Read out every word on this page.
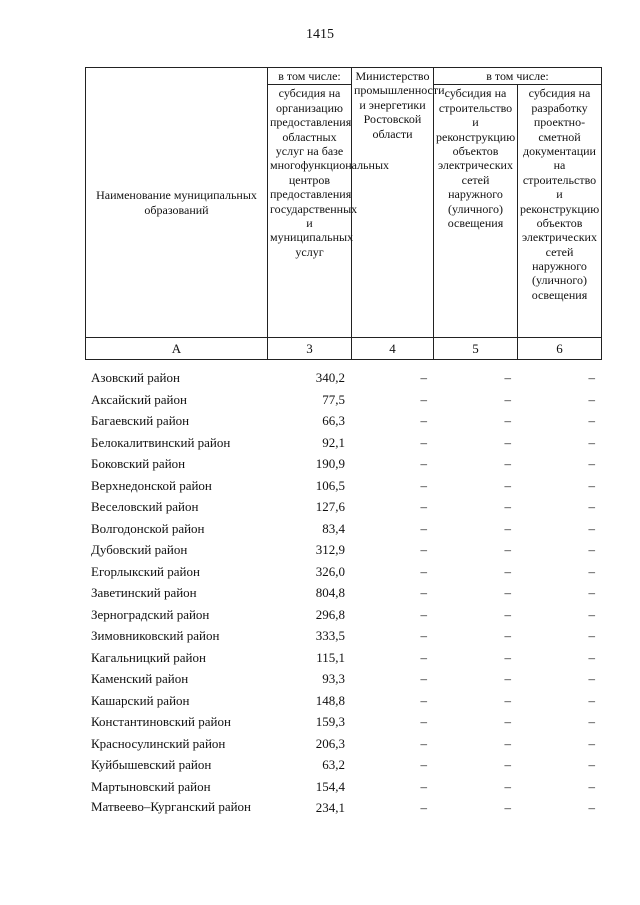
1415
Наименование муниципальных образований	в том числе:	Министерство промышленности и энергетики Ростовской области	в том числе:	
	субсидия на организацию предоставления областных услуг на базе многофункциональных центров предоставления государственных и муниципальных услуг		субсидия на строительство и реконструкцию объектов электрических сетей наружного (уличного) освещения	субсидия на разработку проектно-сметной документации на строительство и реконструкцию объектов электрических сетей наружного (уличного) освещения
А	3	4	5	6
Азовский район	340,2	–	–	–
Аксайский район	77,5	–	–	–
Багаевский район	66,3	–	–	–
Белокалитвинский район	92,1	–	–	–
Боковский район	190,9	–	–	–
Верхнедонской район	106,5	–	–	–
Веселовский район	127,6	–	–	–
Волгодонской район	83,4	–	–	–
Дубовский район	312,9	–	–	–
Егорлыкский район	326,0	–	–	–
Заветинский район	804,8	–	–	–
Зерноградский район	296,8	–	–	–
Зимовниковский район	333,5	–	–	–
Кагальницкий район	115,1	–	–	–
Каменский район	93,3	–	–	–
Кашарский район	148,8	–	–	–
Константиновский район	159,3	–	–	–
Красносулинский район	206,3	–	–	–
Куйбышевский район	63,2	–	–	–
Мартыновский район	154,4	–	–	–
Матвеево–Курганский район	234,1	–	–	–
